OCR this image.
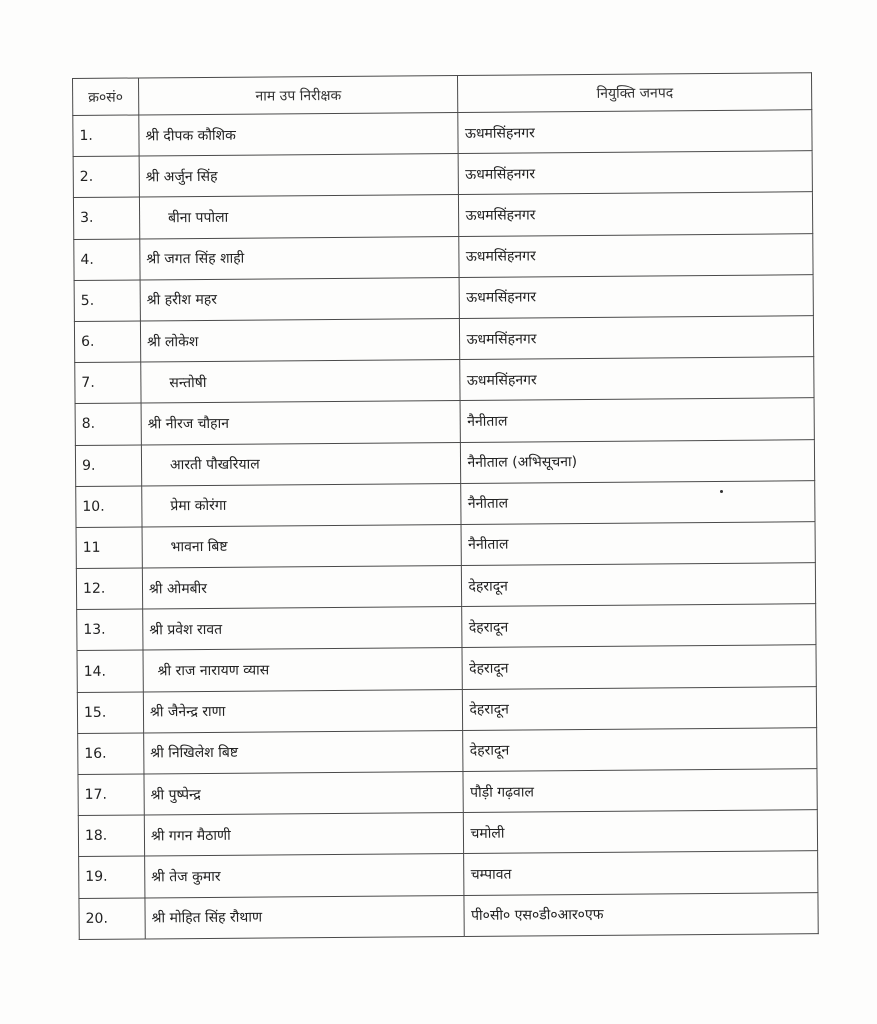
क्र०सं०	नाम उप निरीक्षक	नियुक्ति जनपद
1.	श्री दीपक कौशिक	ऊधमसिंहनगर
2.	श्री अर्जुन सिंह	ऊधमसिंहनगर
3.	बीना पपोला	ऊधमसिंहनगर
4.	श्री जगत सिंह शाही	ऊधमसिंहनगर
5.	श्री हरीश महर	ऊधमसिंहनगर
6.	श्री लोकेश	ऊधमसिंहनगर
7.	सन्तोषी	ऊधमसिंहनगर
8.	श्री नीरज चौहान	नैनीताल
9.	आरती पौखरियाल	नैनीताल (अभिसूचना)
10.	प्रेमा कोरंगा	नैनीताल
11	भावना बिष्ट	नैनीताल
12.	श्री ओमबीर	देहरादून
13.	श्री प्रवेश रावत	देहरादून
14.	श्री राज नारायण व्यास	देहरादून
15.	श्री जैनेन्द्र राणा	देहरादून
16.	श्री निखिलेश बिष्ट	देहरादून
17.	श्री पुष्पेन्द्र	पौड़ी गढ़वाल
18.	श्री गगन मैठाणी	चमोली
19.	श्री तेज कुमार	चम्पावत
20.	श्री मोहित सिंह रौथाण	पी०सी० एस०डी०आर०एफ
